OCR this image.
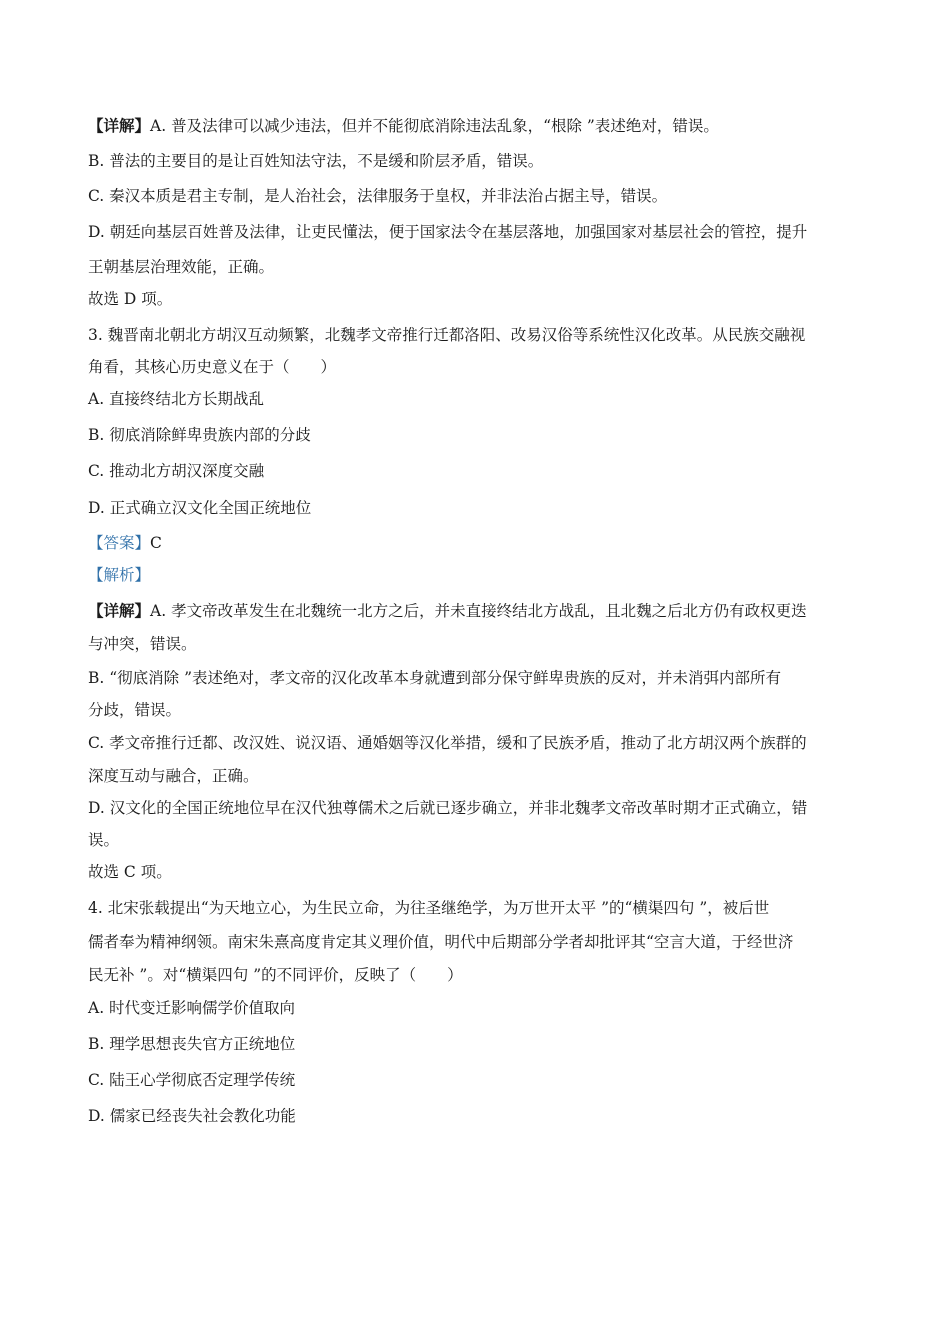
【详解】A. 普及法律可以减少违法，但并不能彻底消除违法乱象，“根除 ”表述绝对，错误。
B. 普法的主要目的是让百姓知法守法，不是缓和阶层矛盾，错误。
C. 秦汉本质是君主专制，是人治社会，法律服务于皇权，并非法治占据主导，错误。
D. 朝廷向基层百姓普及法律，让吏民懂法，便于国家法令在基层落地，加强国家对基层社会的管控，提升
王朝基层治理效能，正确。
故选 D 项。
3. 魏晋南北朝北方胡汉互动频繁，北魏孝文帝推行迁都洛阳、改易汉俗等系统性汉化改革。从民族交融视
角看，其核心历史意义在于（　　）
A. 直接终结北方长期战乱
B. 彻底消除鲜卑贵族内部的分歧
C. 推动北方胡汉深度交融
D. 正式确立汉文化全国正统地位
【答案】C
【解析】
【详解】A. 孝文帝改革发生在北魏统一北方之后，并未直接终结北方战乱，且北魏之后北方仍有政权更迭
与冲突，错误。
B. “彻底消除 ”表述绝对，孝文帝的汉化改革本身就遭到部分保守鲜卑贵族的反对，并未消弭内部所有
分歧，错误。
C. 孝文帝推行迁都、改汉姓、说汉语、通婚姻等汉化举措，缓和了民族矛盾，推动了北方胡汉两个族群的
深度互动与融合，正确。
D. 汉文化的全国正统地位早在汉代独尊儒术之后就已逐步确立，并非北魏孝文帝改革时期才正式确立，错
误。
故选 C 项。
4. 北宋张载提出“为天地立心，为生民立命，为往圣继绝学，为万世开太平 ”的“横渠四句 ”，被后世
儒者奉为精神纲领。南宋朱熹高度肯定其义理价值，明代中后期部分学者却批评其“空言大道，于经世济
民无补 ”。对“横渠四句 ”的不同评价，反映了（　　）
A. 时代变迁影响儒学价值取向
B. 理学思想丧失官方正统地位
C. 陆王心学彻底否定理学传统
D. 儒家已经丧失社会教化功能
